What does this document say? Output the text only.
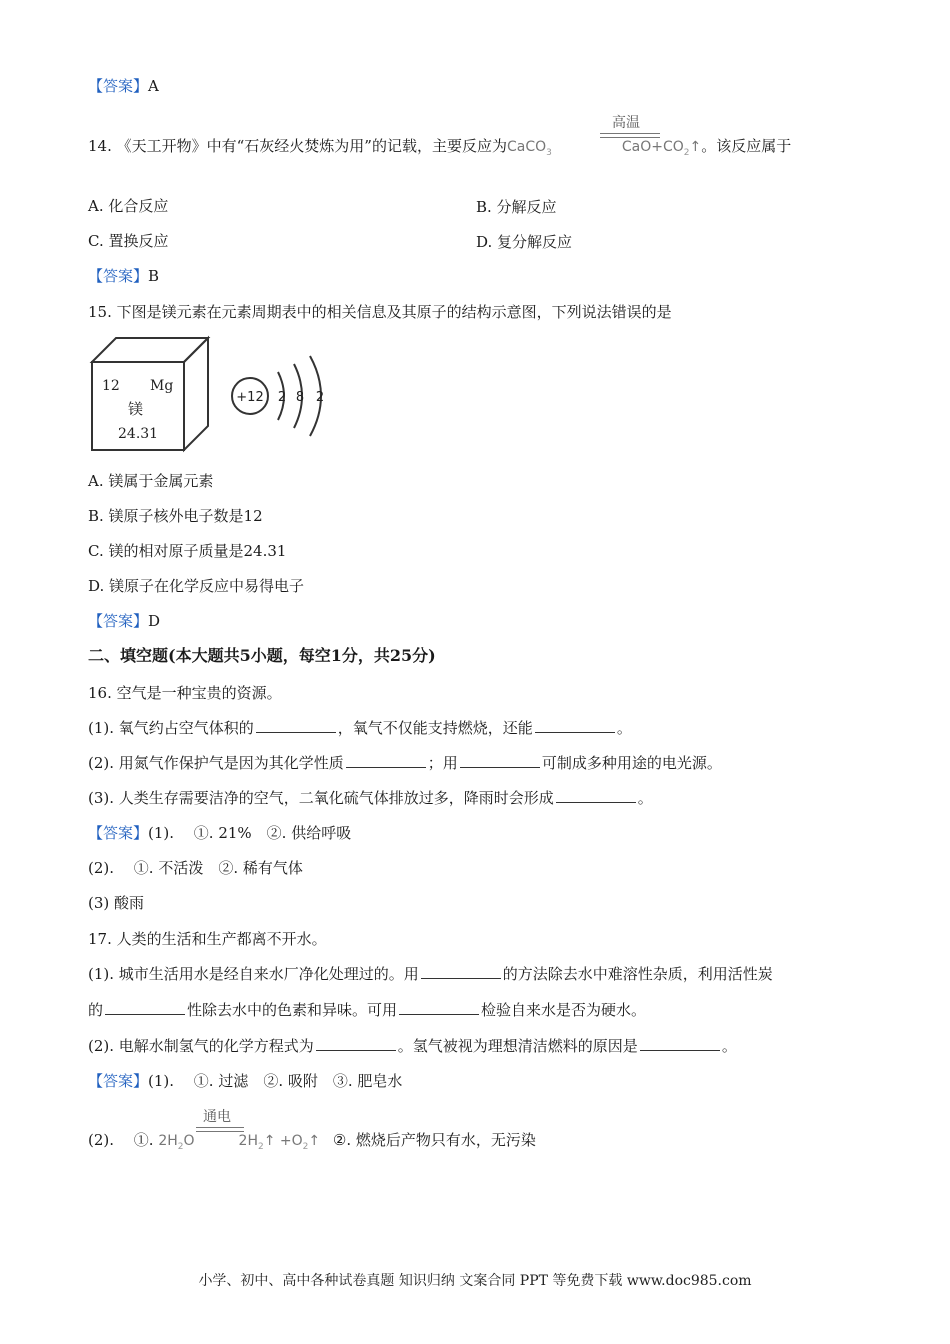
【答案】A
14. 《天工开物》中有“石灰经火焚炼为用”的记载，主要反应为CaCO$_3$	$CaO+CO_2↑$。该反应属于
高温
A. 化合反应	B. 分解反应
C. 置换反应	D. 复分解反应
【答案】B
15. 下图是镁元素在元素周期表中的相关信息及其原子的结构示意图，下列说法错误的是
12 Mg
镁
24.31
+12 2 8 2
A. 镁属于金属元素
B. 镁原子核外电子数是12
C. 镁的相对原子质量是24.31
D. 镁原子在化学反应中易得电子
【答案】D
二、填空题(本大题共5小题，每空1分，共25分)
16. 空气是一种宝贵的资源。
(1). 氧气约占空气体积的	，氧气不仅能支持燃烧，还能	。
(2). 用氮气作保护气是因为其化学性质	；用	可制成多种用途的电光源。
(3). 人类生存需要洁净的空气，二氧化硫气体排放过多，降雨时会形成	。
【答案】(1).　 ①. 21%　②. 供给呼吸
(2).　 ①. 不活泼　②. 稀有气体
(3) 酸雨
17. 人类的生活和生产都离不开水。
(1). 城市生活用水是经自来水厂净化处理过的。用	的方法除去水中难溶性杂质，利用活性炭
的	性除去水中的色素和异味。可用	检验自来水是否为硬水。
(2). 电解水制氢气的化学方程式为	。氢气被视为理想清洁燃料的原因是	。
【答案】(1).　 ①. 过滤　②. 吸附　③. 肥皂水
(2).　 ①. $2H_2O$	$2H_2↑$ $+O_2↑$ ②. 燃烧后产物只有水，无污染
通电
小学、初中、高中各种试卷真题 知识归纳 文案合同 PPT 等免费下载 www.doc985.com
